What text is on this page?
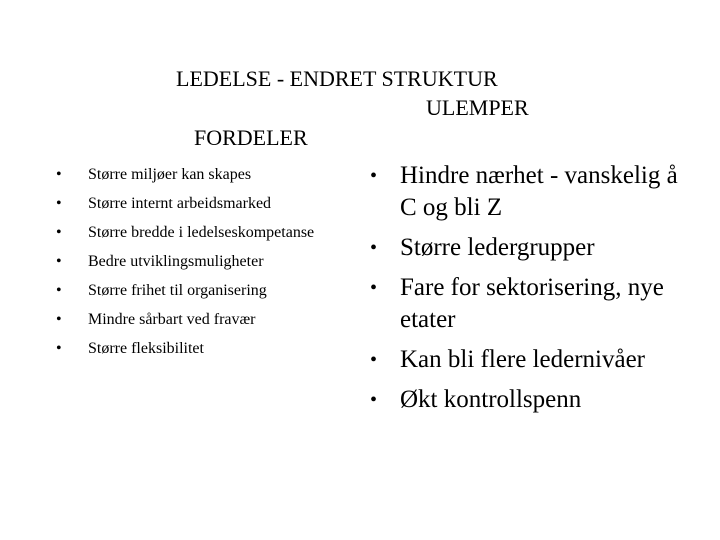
LEDELSE - ENDRET STRUKTUR

FORDELER

ULEMPER

• Større miljøer kan skapes
• Større internt arbeidsmarked
• Større bredde i ledelseskompetanse
• Bedre utviklingsmuligheter
• Større frihet til organisering
• Mindre sårbart ved fravær
• Større fleksibilitet
• Hindre nærhet - vanskelig å C og bli Z
• Større ledergrupper
• Fare for sektorisering, nye etater
• Kan bli flere ledernivåer
• Økt kontrollspenn
